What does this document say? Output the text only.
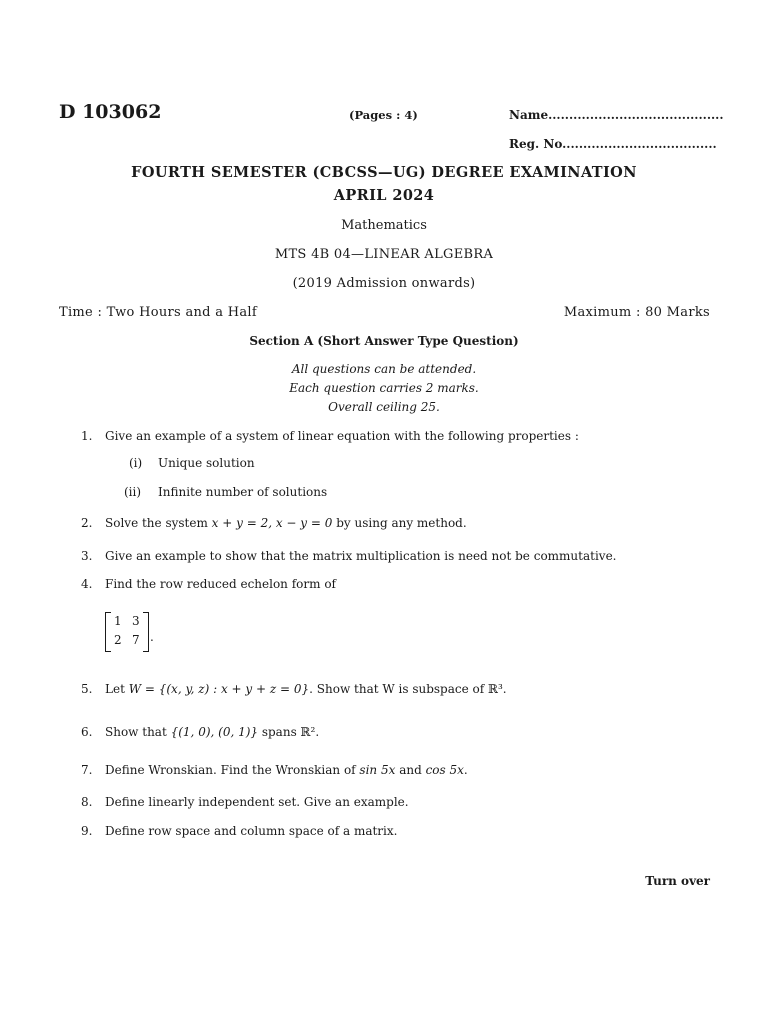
D 103062	(Pages : 4)	Name..........................................
Reg. No.....................................
FOURTH SEMESTER (CBCSS—UG) DEGREE EXAMINATION
APRIL 2024
Mathematics
MTS 4B 04—LINEAR ALGEBRA
(2019 Admission onwards)
Time : Two Hours and a Half	Maximum : 80 Marks
Section A (Short Answer Type Question)
All questions can be attended.
Each question carries 2 marks.
Overall ceiling 25.
1. Give an example of a system of linear equation with the following properties :
(i) Unique solution
(ii) Infinite number of solutions
2. Solve the system x + y = 2, x − y = 0 by using any method.
3. Give an example to show that the matrix multiplication is need not be commutative.
4. Find the row reduced echelon form of
1 3
2 7 .
5. Let W = {(x, y, z) : x + y + z = 0}. Show that W is subspace of ℝ³.
6. Show that {(1, 0), (0, 1)} spans ℝ².
7. Define Wronskian. Find the Wronskian of sin 5x and cos 5x.
8. Define linearly independent set. Give an example.
9. Define row space and column space of a matrix.
Turn over
